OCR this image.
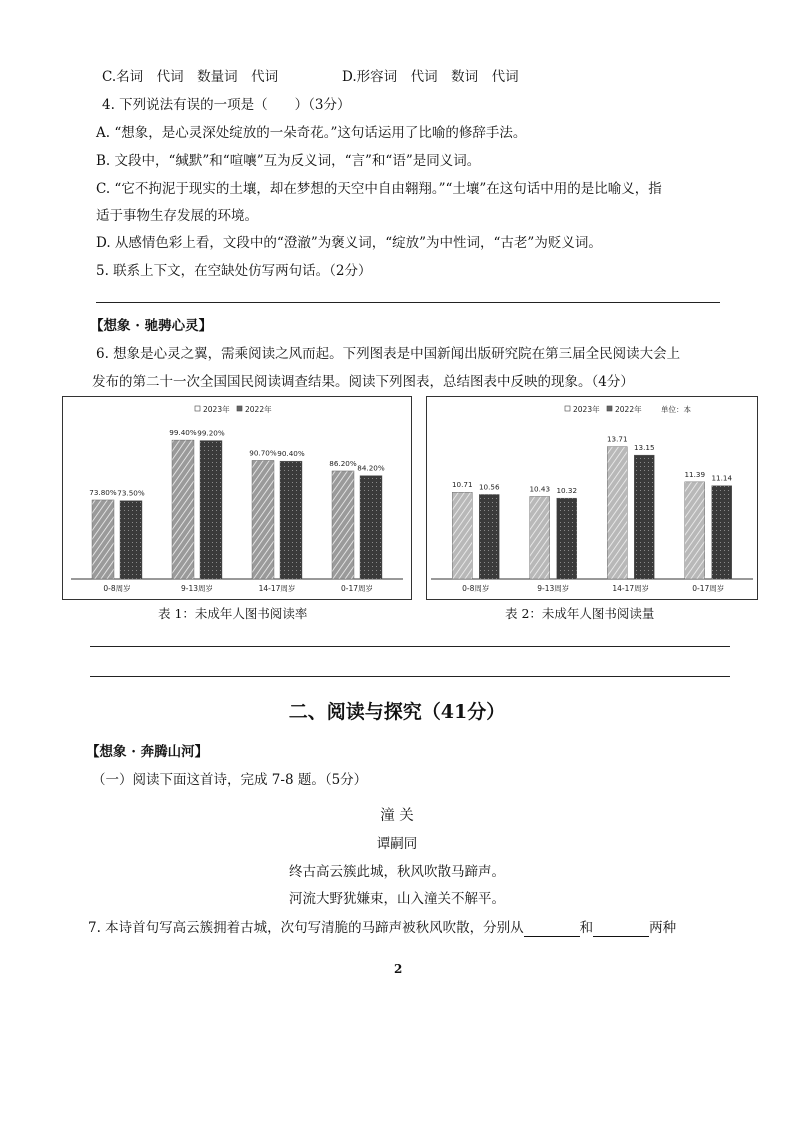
C.名词　代词　数量词　代词	D.形容词　代词　数词　代词
4. 下列说法有误的一项是（　　）（3分）
A. “想象，是心灵深处绽放的一朵奇花。”这句话运用了比喻的修辞手法。
B. 文段中，“缄默”和“喧嚷”互为反义词，“言”和“语”是同义词。
C. “它不拘泥于现实的土壤，却在梦想的天空中自由翱翔。”“土壤”在这句话中用的是比喻义，指
适于事物生存发展的环境。
D. 从感情色彩上看，文段中的“澄澈”为褒义词，“绽放”为中性词，“古老”为贬义词。
5. 联系上下文，在空缺处仿写两句话。（2分）
【想象 · 驰骋心灵】
6. 想象是心灵之翼，需乘阅读之风而起。下列图表是中国新闻出版研究院在第三届全民阅读大会上
发布的第二十一次全国国民阅读调查结果。阅读下列图表，总结图表中反映的现象。（4分）
2023年 2022年
73.80% 73.50%
0-8周岁
99.40% 99.20%
9-13周岁
90.70% 90.40%
14-17周岁
86.20%
84.20%
0-17周岁
表 1：未成年人图书阅读率
2023年 2022年	单位：本
10.71 10.56
0-8周岁
10.43 10.32
9-13周岁
13.71
13.15
14-17周岁
11.39 11.14
0-17周岁
表 2：未成年人图书阅读量
二、阅读与探究（41分）
【想象 · 奔腾山河】
（一）阅读下面这首诗，完成 7-8 题。（5分）
潼 关
谭嗣同
终古高云簇此城，秋风吹散马蹄声。
河流大野犹嫌束，山入潼关不解平。
7. 本诗首句写高云簇拥着古城，次句写清脆的马蹄声被秋风吹散，分别从	和	两种
2
